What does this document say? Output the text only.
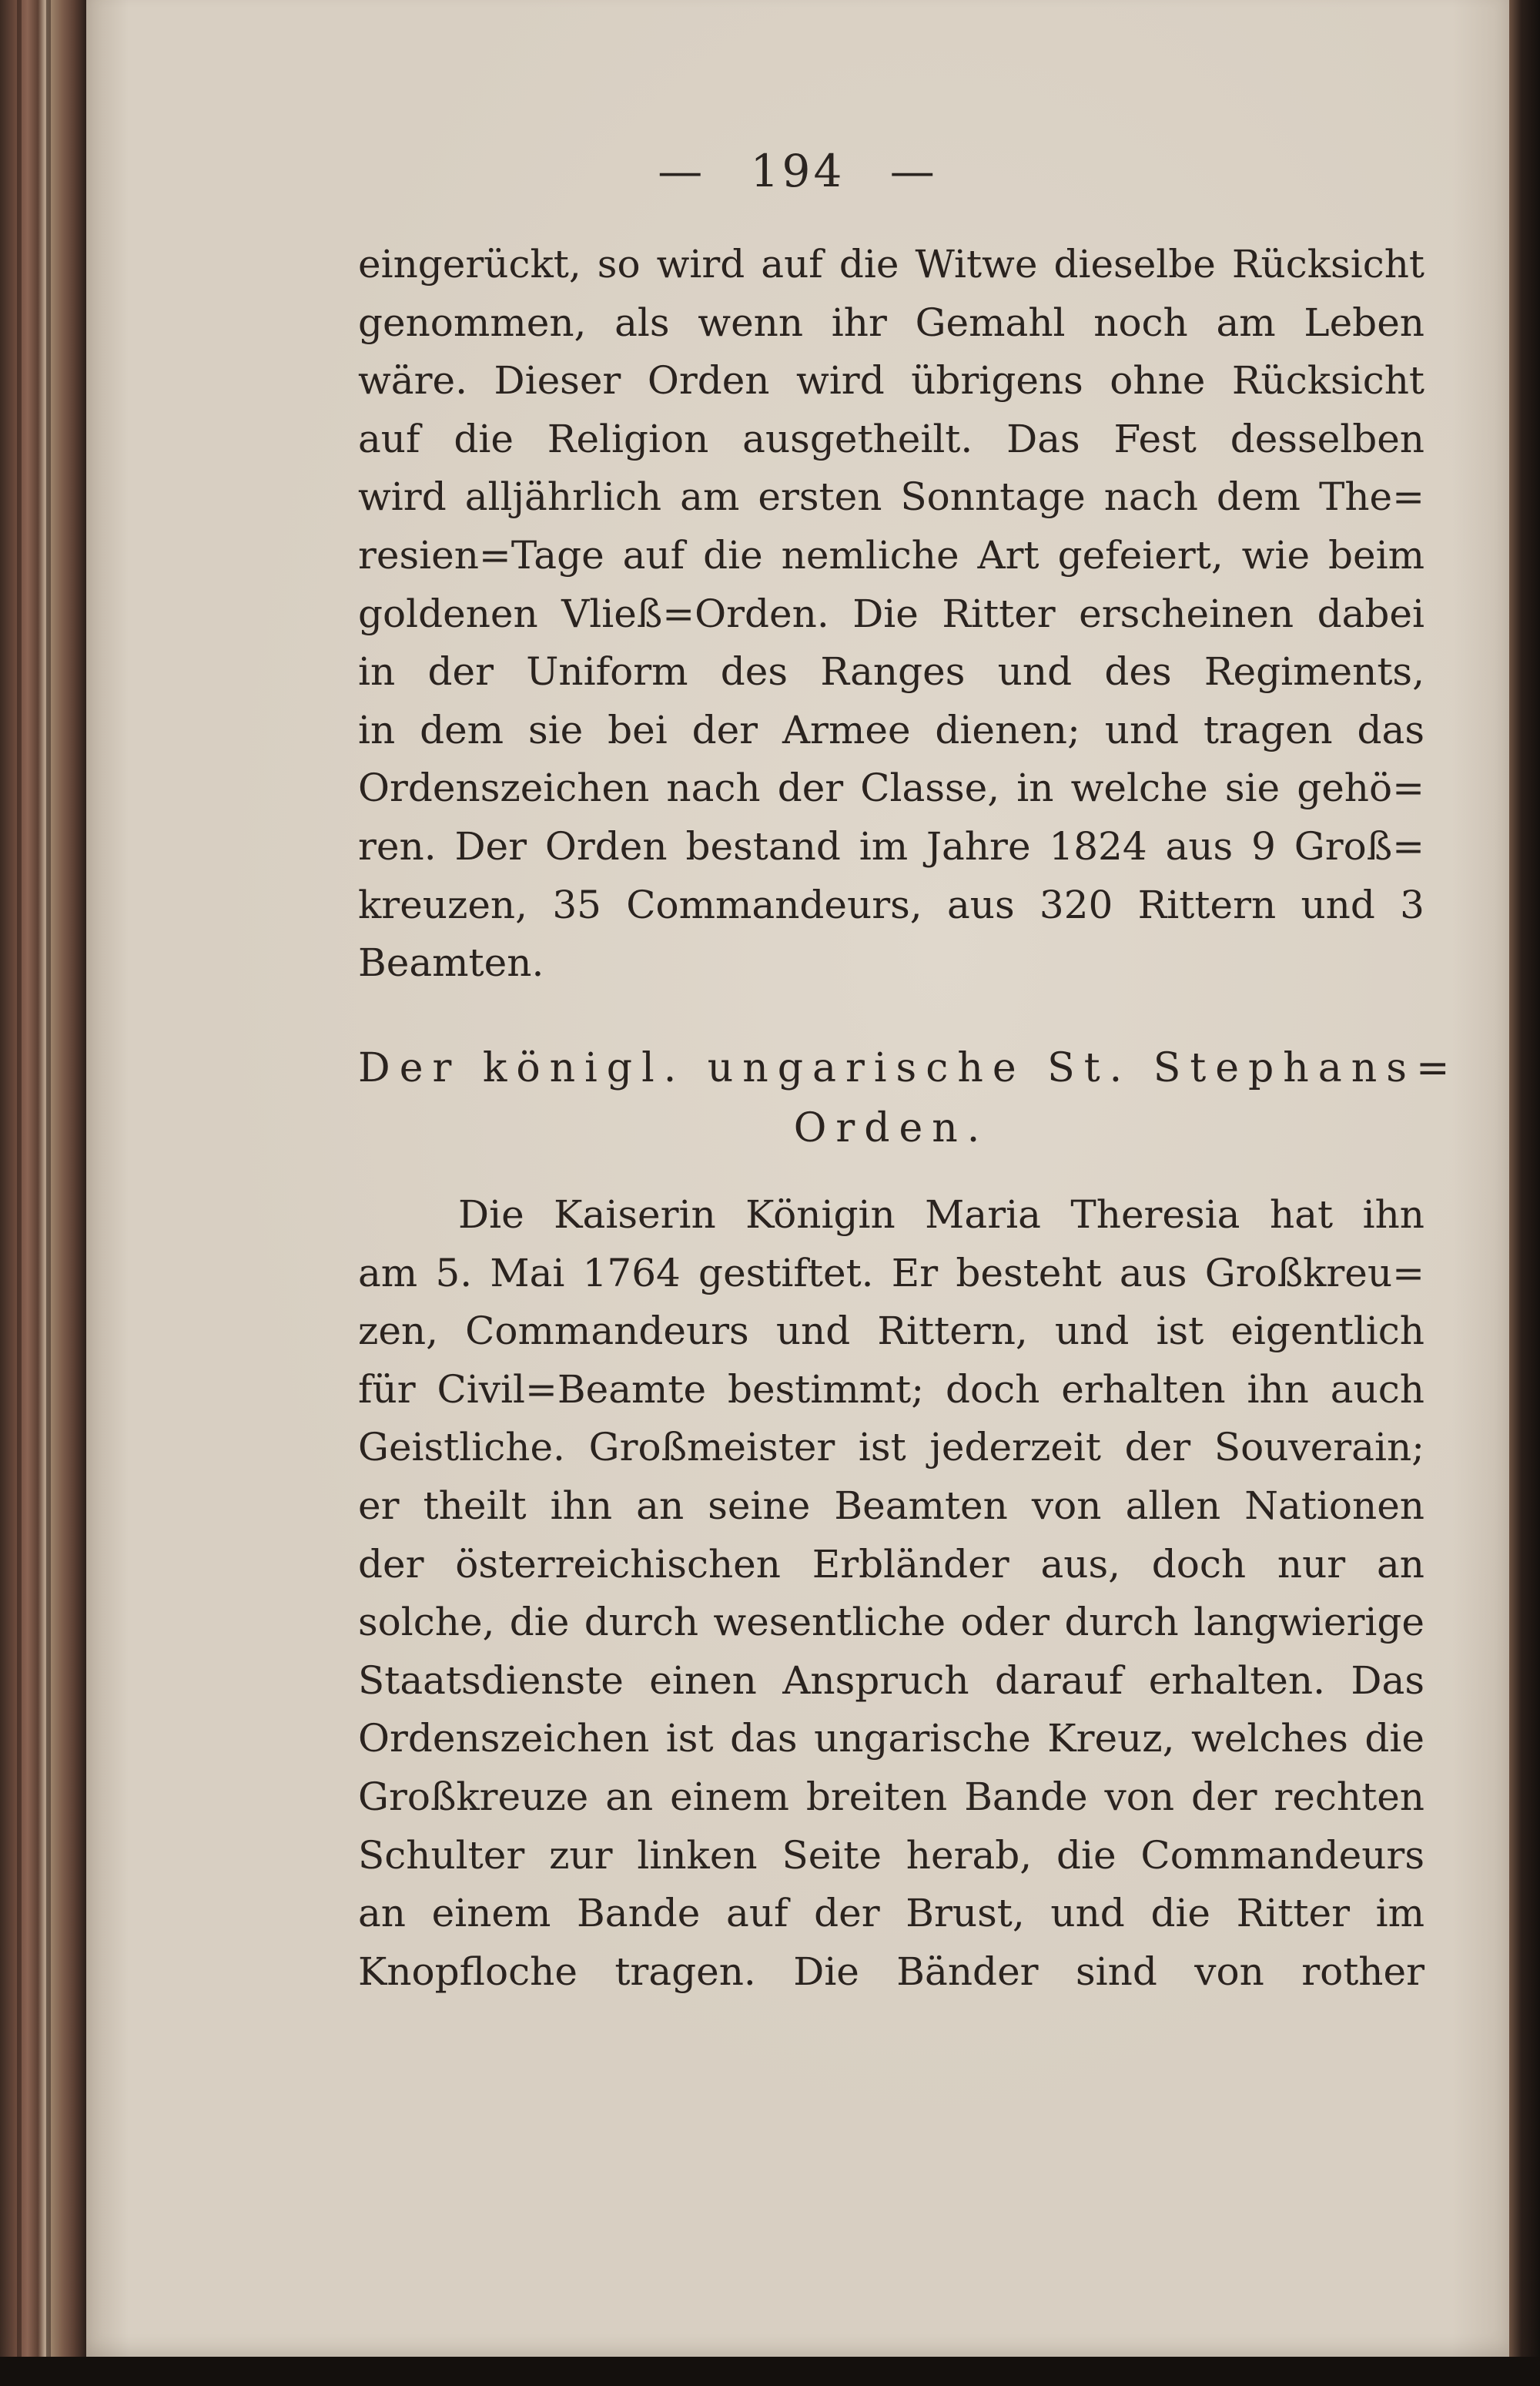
— 194 —
eingerückt, so wird auf die Witwe dieselbe Rücksicht
genommen, als wenn ihr Gemahl noch am Leben
wäre. Dieser Orden wird übrigens ohne Rücksicht
auf die Religion ausgetheilt. Das Fest desselben
wird alljährlich am ersten Sonntage nach dem The=
resien=Tage auf die nemliche Art gefeiert, wie beim
goldenen Vließ=Orden. Die Ritter erscheinen dabei
in der Uniform des Ranges und des Regiments,
in dem sie bei der Armee dienen; und tragen das
Ordenszeichen nach der Classe, in welche sie gehö=
ren. Der Orden bestand im Jahre 1824 aus 9 Groß=
kreuzen, 35 Commandeurs, aus 320 Rittern und 3
Beamten.
Der königl. ungarische St. Stephans=
Orden.
Die Kaiserin Königin Maria Theresia hat ihn
am 5. Mai 1764 gestiftet. Er besteht aus Großkreu=
zen, Commandeurs und Rittern, und ist eigentlich
für Civil=Beamte bestimmt; doch erhalten ihn auch
Geistliche. Großmeister ist jederzeit der Souverain;
er theilt ihn an seine Beamten von allen Nationen
der österreichischen Erbländer aus, doch nur an
solche, die durch wesentliche oder durch langwierige
Staatsdienste einen Anspruch darauf erhalten. Das
Ordenszeichen ist das ungarische Kreuz, welches die
Großkreuze an einem breiten Bande von der rechten
Schulter zur linken Seite herab, die Commandeurs
an einem Bande auf der Brust, und die Ritter im
Knopfloche tragen. Die Bänder sind von rother
